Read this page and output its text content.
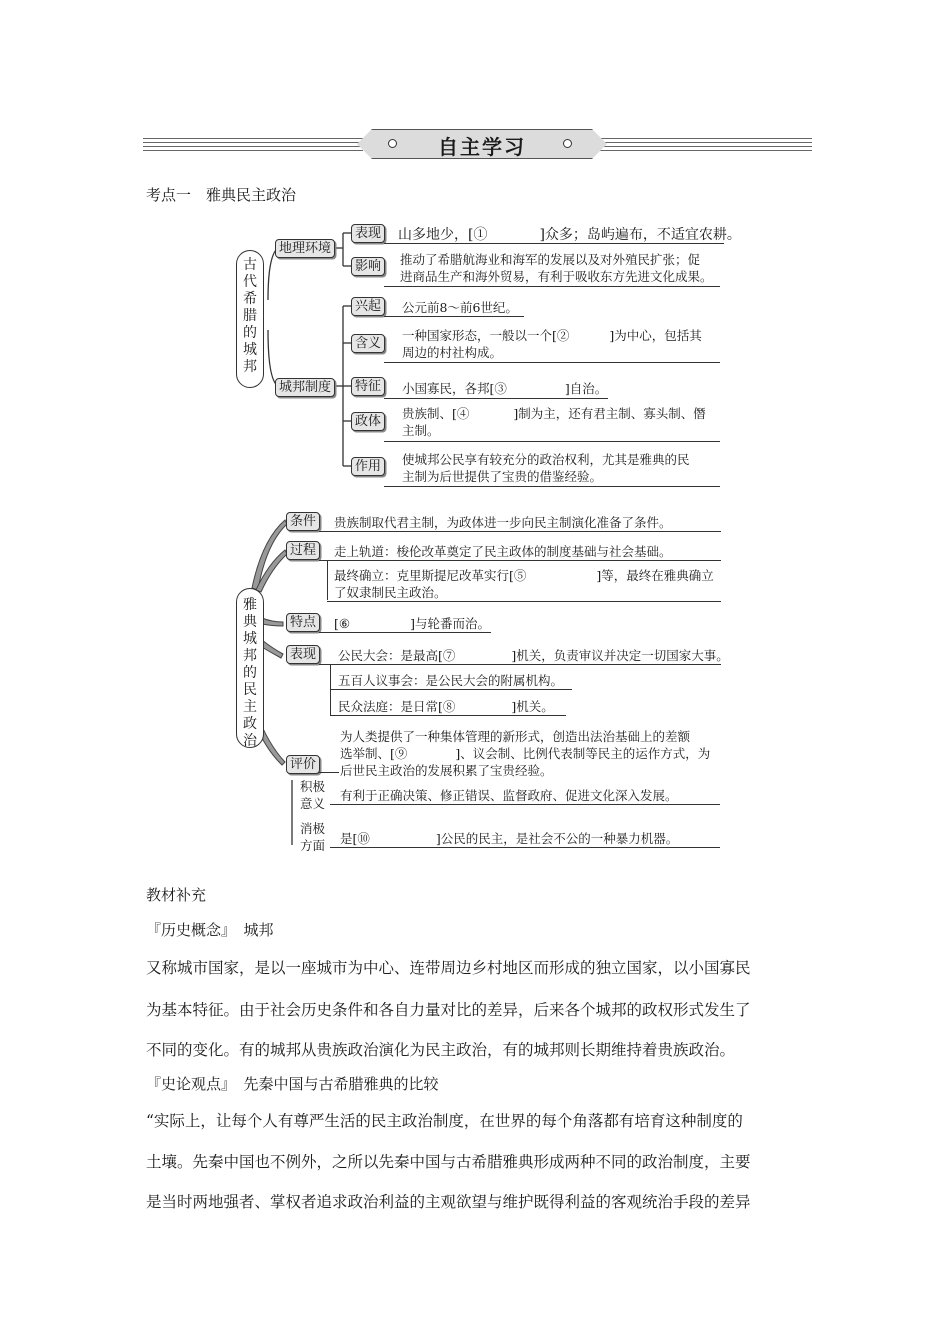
自主学习
考点一　雅典民主政治
古代希腊的城邦
地理环境
城邦制度
表现 山多地少，[①	]众多；岛屿遍布，不适宜农耕。
影响	推动了希腊航海业和海军的发展以及对外殖民扩张；促
进商品生产和海外贸易，有利于吸收东方先进文化成果。
兴起	公元前8～前6世纪。
含义
一种国家形态，一般以一个[②	]为中心，包括其
周边的村社构成。
特征	小国寡民，各邦[③	]自治。
政体
贵族制、[④	]制为主，还有君主制、寡头制、僭
主制。
作用	使城邦公民享有较充分的政治权利，尤其是雅典的民
主制为后世提供了宝贵的借鉴经验。
雅典城邦的民主政治
条件	贵族制取代君主制，为政体进一步向民主制演化准备了条件。
过程	走上轨道：梭伦改革奠定了民主政体的制度基础与社会基础。
最终确立：克里斯提尼改革实行[⑤	]等，最终在雅典确立
了奴隶制民主政治。
特点	[⑥	]与轮番而治。
表现	公民大会：是最高[⑦	]机关，负责审议并决定一切国家大事。
五百人议事会：是公民大会的附属机构。
民众法庭：是日常[⑧	]机关。
为人类提供了一种集体管理的新形式，创造出法治基础上的差额
选举制、[⑨	]、议会制、比例代表制等民主的运作方式，为
后世民主政治的发展积累了宝贵经验。
评价
积极
意义
有利于正确决策、修正错误、监督政府、促进文化深入发展。
消极
方面 是[⑩	]公民的民主，是社会不公的一种暴力机器。
教材补充
『历史概念』　城邦
又称城市国家，是以一座城市为中心、连带周边乡村地区而形成的独立国家，以小国寡民
为基本特征。由于社会历史条件和各自力量对比的差异，后来各个城邦的政权形式发生了
不同的变化。有的城邦从贵族政治演化为民主政治，有的城邦则长期维持着贵族政治。
『史论观点』　先秦中国与古希腊雅典的比较
“实际上，让每个人有尊严生活的民主政治制度，在世界的每个角落都有培育这种制度的
土壤。先秦中国也不例外，之所以先秦中国与古希腊雅典形成两种不同的政治制度，主要
是当时两地强者、掌权者追求政治利益的主观欲望与维护既得利益的客观统治手段的差异
